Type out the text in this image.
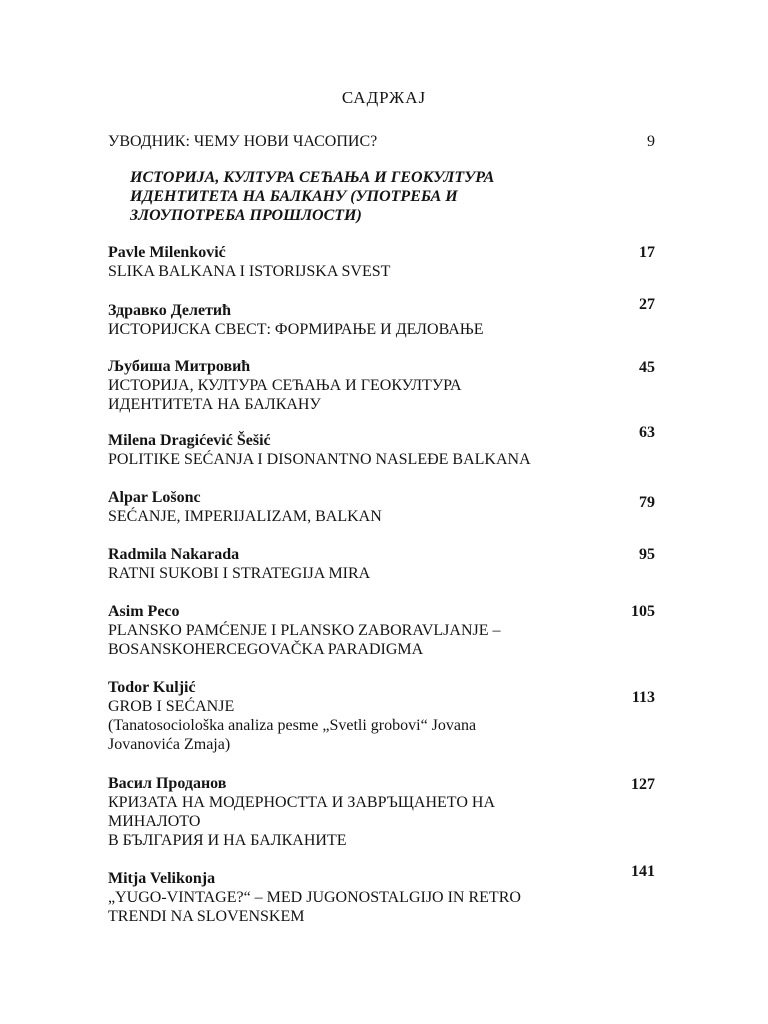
САДРЖАЈ
УВОДНИК: ЧЕМУ НОВИ ЧАСОПИС?	9
ИСТОРИЈА, КУЛТУРА СЕЋАЊА И ГЕОКУЛТУРА
ИДЕНТИТЕТА НА БАЛКАНУ (УПОТРЕБА И
ЗЛОУПОТРЕБА ПРОШЛОСТИ)
Pavle Milenković
SLIKA BALKANA I ISTORIJSKA SVEST
17
Здравко Делетић
ИСТОРИЈСКА СВЕСТ: ФОРМИРАЊЕ И ДЕЛОВАЊЕ
27
Љубиша Митровић
ИСТОРИЈА, КУЛТУРА СЕЋАЊА И ГЕОКУЛТУРА
ИДЕНТИТЕТА НА БАЛКАНУ
45
Milena Dragićević Šešić
POLITIKE SEĆANJA I DISONANTNO NASLEĐE BALKANA
63
Alpar Lošonc
SEĆANJE, IMPERIJALIZAM, BALKAN
79
Radmila Nakarada
RATNI SUKOBI I STRATEGIJA MIRA
95
Asim Peco
PLANSKO PAMĆENJE I PLANSKO ZABORAVLJANJE –
BOSANSKOHERCEGOVAČKA PARADIGMA
105
Todor Kuljić
GROB I SEĆANJE
(Tanatosociološka analiza pesme „Svetli grobovi“ Jovana
Jovanovića Zmaja)
113
Васил Проданов
КРИЗАТА НА МОДЕРНОСТТА И ЗАВРЪЩАНЕТО НА
МИНАЛОТО
В БЪЛГАРИЯ И НА БАЛКАНИТЕ
127
Mitja Velikonja
„YUGO-VINTAGE?“ – MED JUGONOSTALGIJO IN RETRO
TRENDI NA SLOVENSKEM
141
